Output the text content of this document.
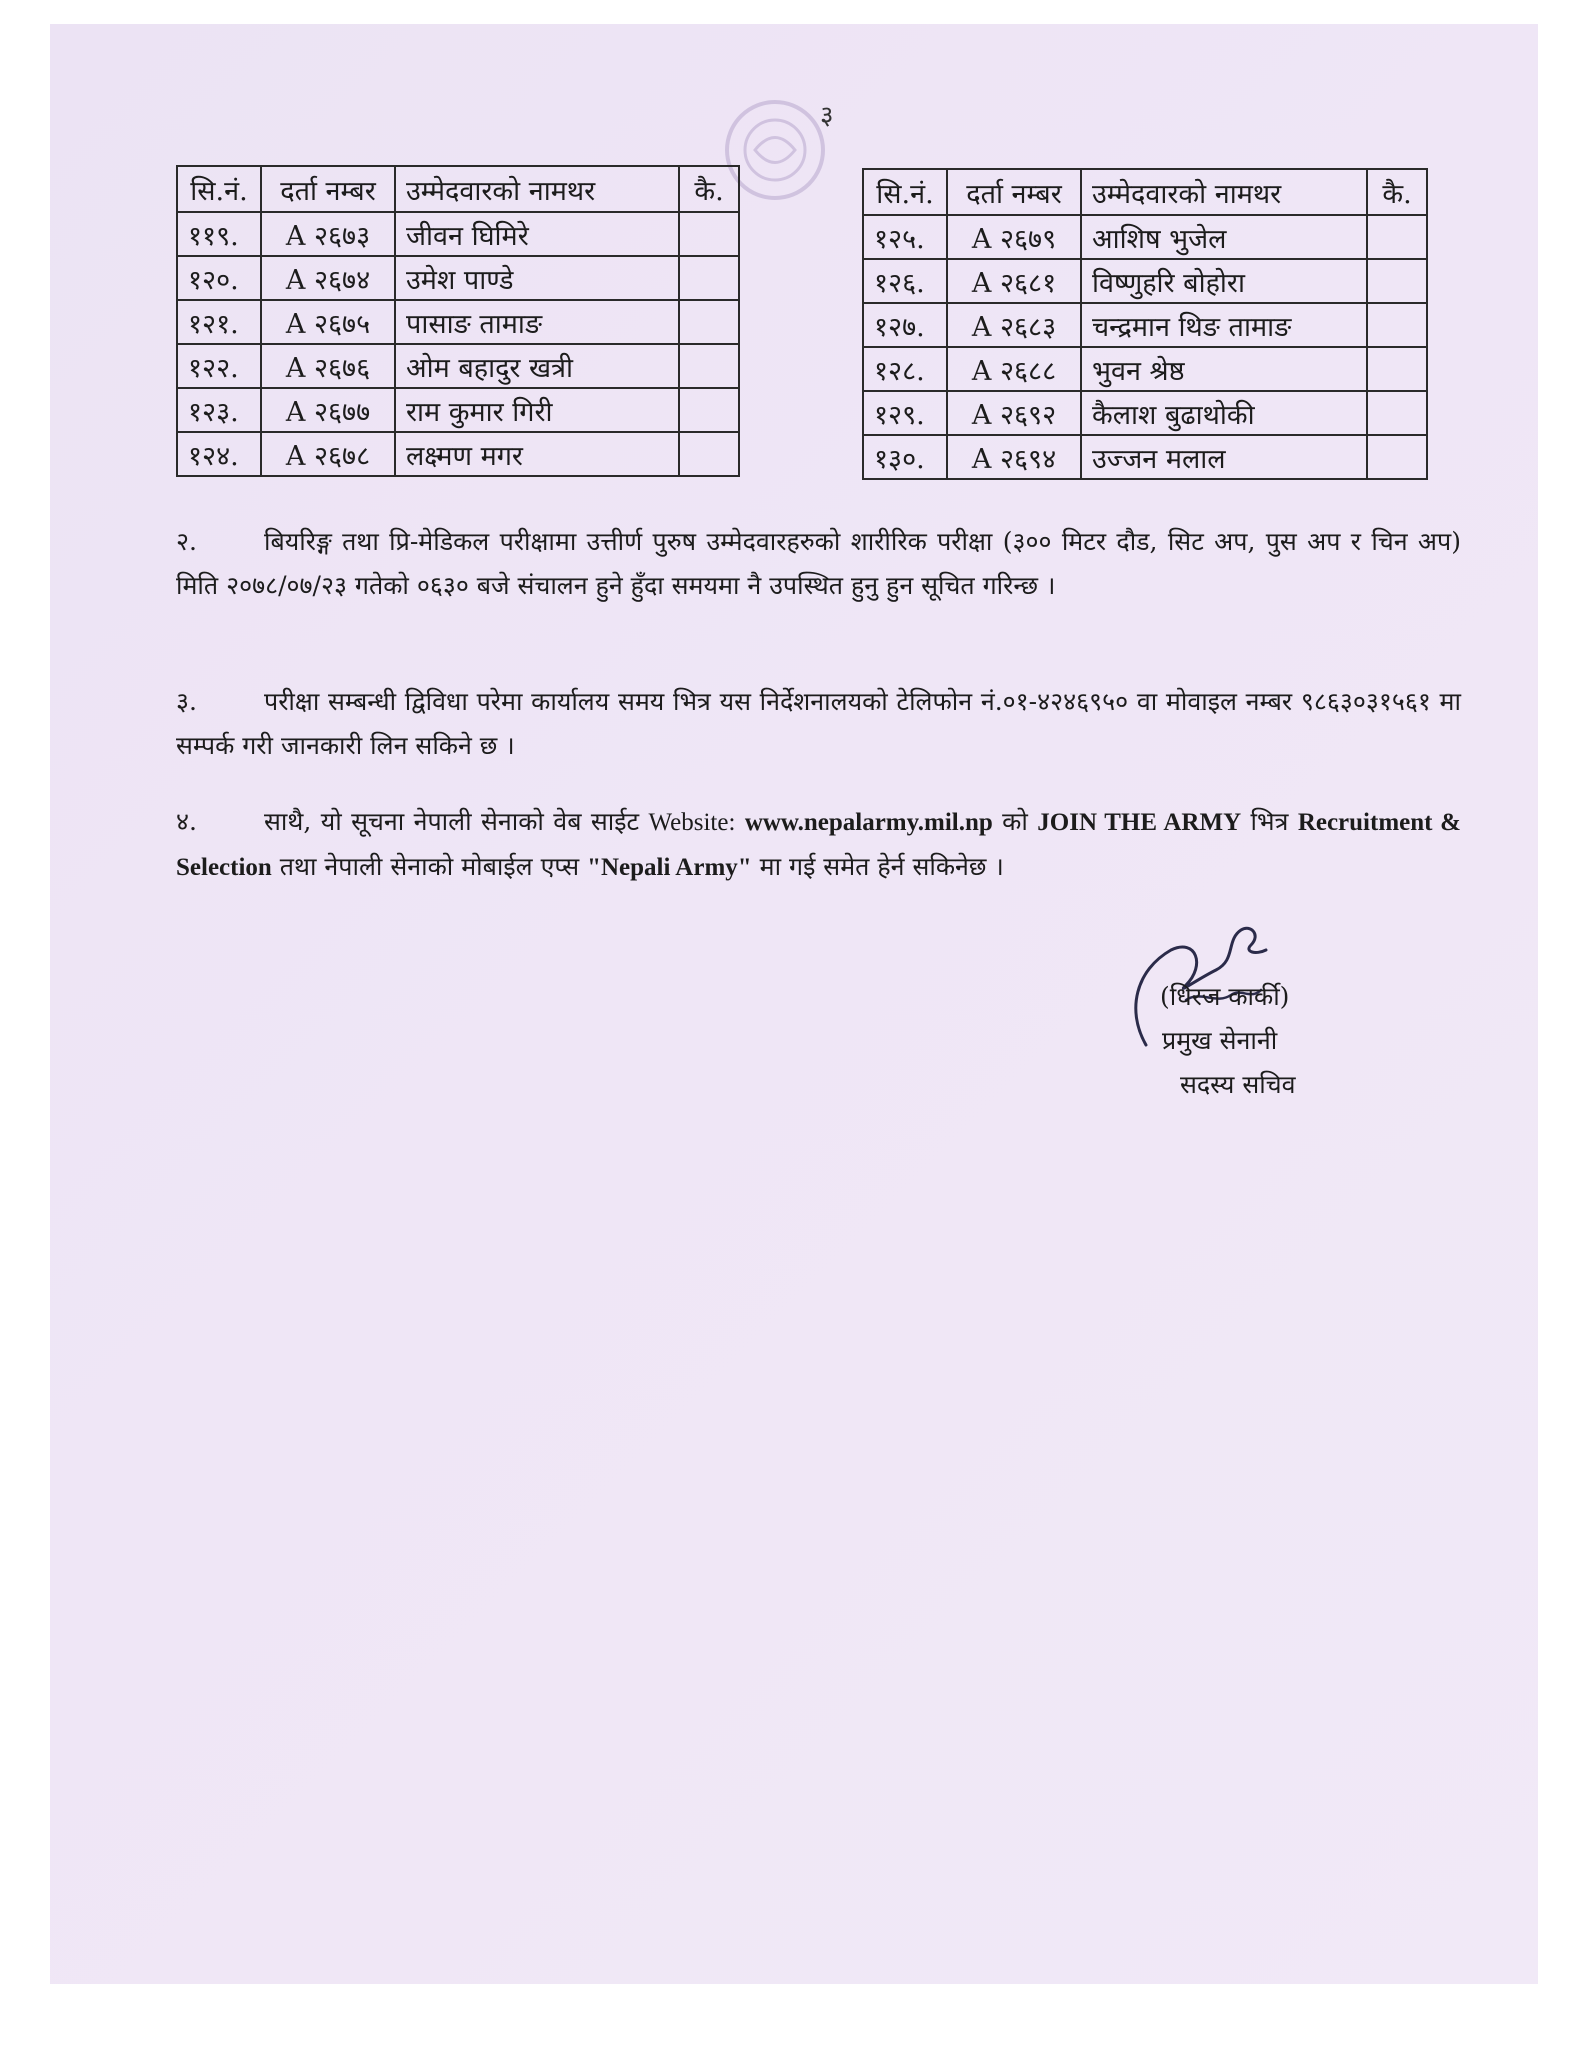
३
सि.नं.	दर्ता नम्बर	उम्मेदवारको नामथर	कै.
११९.	A २६७३	जीवन घिमिरे	
१२०.	A २६७४	उमेश पाण्डे	
१२१.	A २६७५	पासाङ तामाङ	
१२२.	A २६७६	ओम बहादुर खत्री	
१२३.	A २६७७	राम कुमार गिरी	
१२४.	A २६७८	लक्ष्मण मगर	
सि.नं.	दर्ता नम्बर	उम्मेदवारको नामथर	कै.
१२५.	A २६७९	आशिष भुजेल	
१२६.	A २६८१	विष्णुहरि बोहोरा	
१२७.	A २६८३	चन्द्रमान थिङ तामाङ	
१२८.	A २६८८	भुवन श्रेष्ठ	
१२९.	A २६९२	कैलाश बुढाथोकी	
१३०.	A २६९४	उज्जन मलाल	
२.	बियरिङ्ग तथा प्रि-मेडिकल परीक्षामा उत्तीर्ण पुरुष उम्मेदवारहरुको शारीरिक परीक्षा (३०० मिटर दौड, सिट अप, पुस अप र चिन अप) मिति २०७८/०७/२३ गतेको ०६३० बजे संचालन हुने हुँदा समयमा नै उपस्थित हुनु हुन सूचित गरिन्छ ।
३.	परीक्षा सम्बन्धी द्विविधा परेमा कार्यालय समय भित्र यस निर्देशनालयको टेलिफोन नं.०१-४२४६९५० वा मोवाइल नम्बर ९८६३०३१५६१ मा सम्पर्क गरी जानकारी लिन सकिने छ ।
४.	साथै, यो सूचना नेपाली सेनाको वेब साईट Website: www.nepalarmy.mil.np को JOIN THE ARMY भित्र Recruitment & Selection तथा नेपाली सेनाको मोबाईल एप्स "Nepali Army" मा गई समेत हेर्न सकिनेछ ।
(धिरज कार्की)
प्रमुख सेनानी
सदस्य सचिव
